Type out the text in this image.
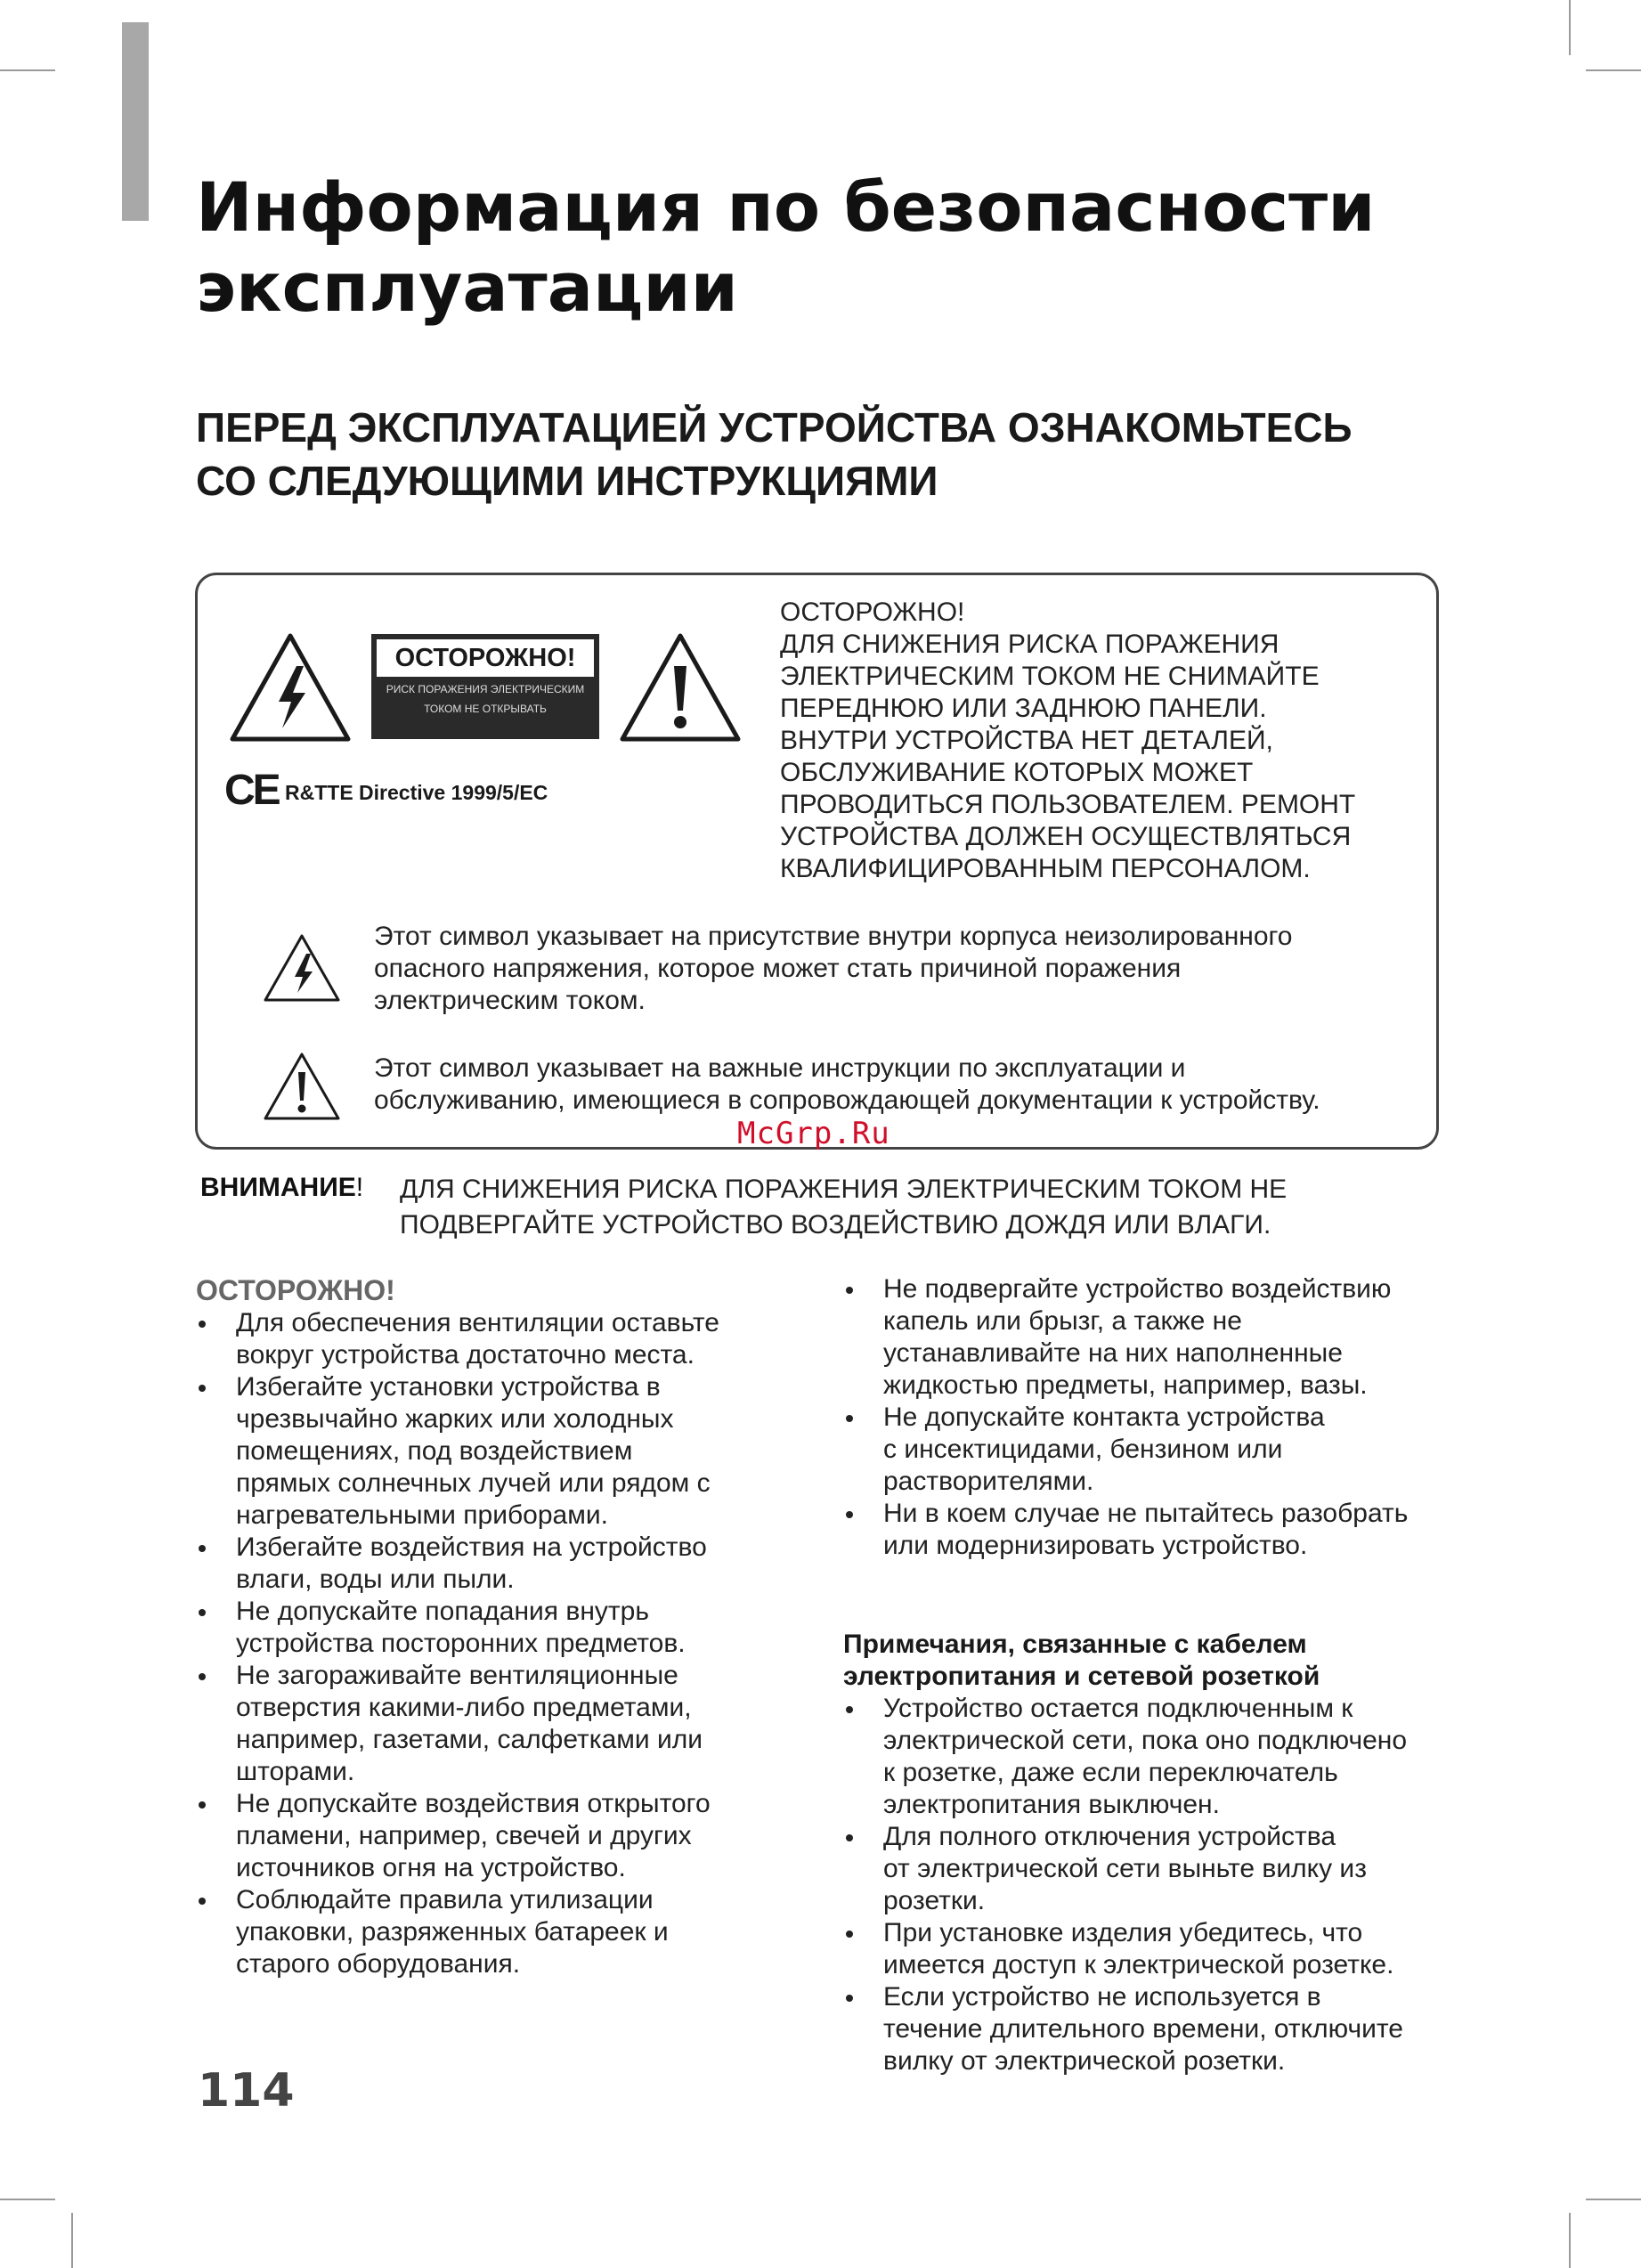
Информация по безопасности
эксплуатации
ПЕРЕД ЭКСПЛУАТАЦИЕЙ УСТРОЙСТВА ОЗНАКОМЬТЕСЬ
СО СЛЕДУЮЩИМИ ИНСТРУКЦИЯМИ
ОСТОРОЖНО!
РИСК ПОРАЖЕНИЯ ЭЛЕКТРИЧЕСКИМ
ТОКОМ НЕ ОТКРЫВАТЬ
CE R&TTE Directive 1999/5/EC
ОСТОРОЖНО!
ДЛЯ СНИЖЕНИЯ РИСКА ПОРАЖЕНИЯ
ЭЛЕКТРИЧЕСКИМ ТОКОМ НЕ СНИМАЙТЕ
ПЕРЕДНЮЮ ИЛИ ЗАДНЮЮ ПАНЕЛИ.
ВНУТРИ УСТРОЙСТВА НЕТ ДЕТАЛЕЙ,
ОБСЛУЖИВАНИЕ КОТОРЫХ МОЖЕТ
ПРОВОДИТЬСЯ ПОЛЬЗОВАТЕЛЕМ. РЕМОНТ
УСТРОЙСТВА ДОЛЖЕН ОСУЩЕСТВЛЯТЬСЯ
КВАЛИФИЦИРОВАННЫМ ПЕРСОНАЛОМ.
Этот символ указывает на присутствие внутри корпуса неизолированного
опасного напряжения, которое может стать причиной поражения
электрическим током.
Этот символ указывает на важные инструкции по эксплуатации и
обслуживанию, имеющиеся в сопровождающей документации к устройству.
McGrp.Ru
ВНИМАНИЕ! ДЛЯ СНИЖЕНИЯ РИСКА ПОРАЖЕНИЯ ЭЛЕКТРИЧЕСКИМ ТОКОМ НЕ
ПОДВЕРГАЙТЕ УСТРОЙСТВО ВОЗДЕЙСТВИЮ ДОЖДЯ ИЛИ ВЛАГИ.
ОСТОРОЖНО!
Для обеспечения вентиляции оставьте
вокруг устройства достаточно места.
Избегайте установки устройства в
чрезвычайно жарких или холодных
помещениях, под воздействием
прямых солнечных лучей или рядом с
нагревательными приборами.
Избегайте воздействия на устройство
влаги, воды или пыли.
Не допускайте попадания внутрь
устройства посторонних предметов.
Не загораживайте вентиляционные
отверстия какими-либо предметами,
например, газетами, салфетками или
шторами.
Не допускайте воздействия открытого
пламени, например, свечей и других
источников огня на устройство.
Соблюдайте правила утилизации
упаковки, разряженных батареек и
старого оборудования.
Не подвергайте устройство воздействию
капель или брызг, а также не
устанавливайте на них наполненные
жидкостью предметы, например, вазы.
Не допускайте контакта устройства
с инсектицидами, бензином или
растворителями.
Ни в коем случае не пытайтесь разобрать
или модернизировать устройство.
Примечания, связанные с кабелем
электропитания и сетевой розеткой
Устройство остается подключенным к
электрической сети, пока оно подключено
к розетке, даже если переключатель
электропитания выключен.
Для полного отключения устройства
от электрической сети выньте вилку из
розетки.
При установке изделия убедитесь, что
имеется доступ к электрической розетке.
Если устройство не используется в
течение длительного времени, отключите
вилку от электрической розетки.
114
